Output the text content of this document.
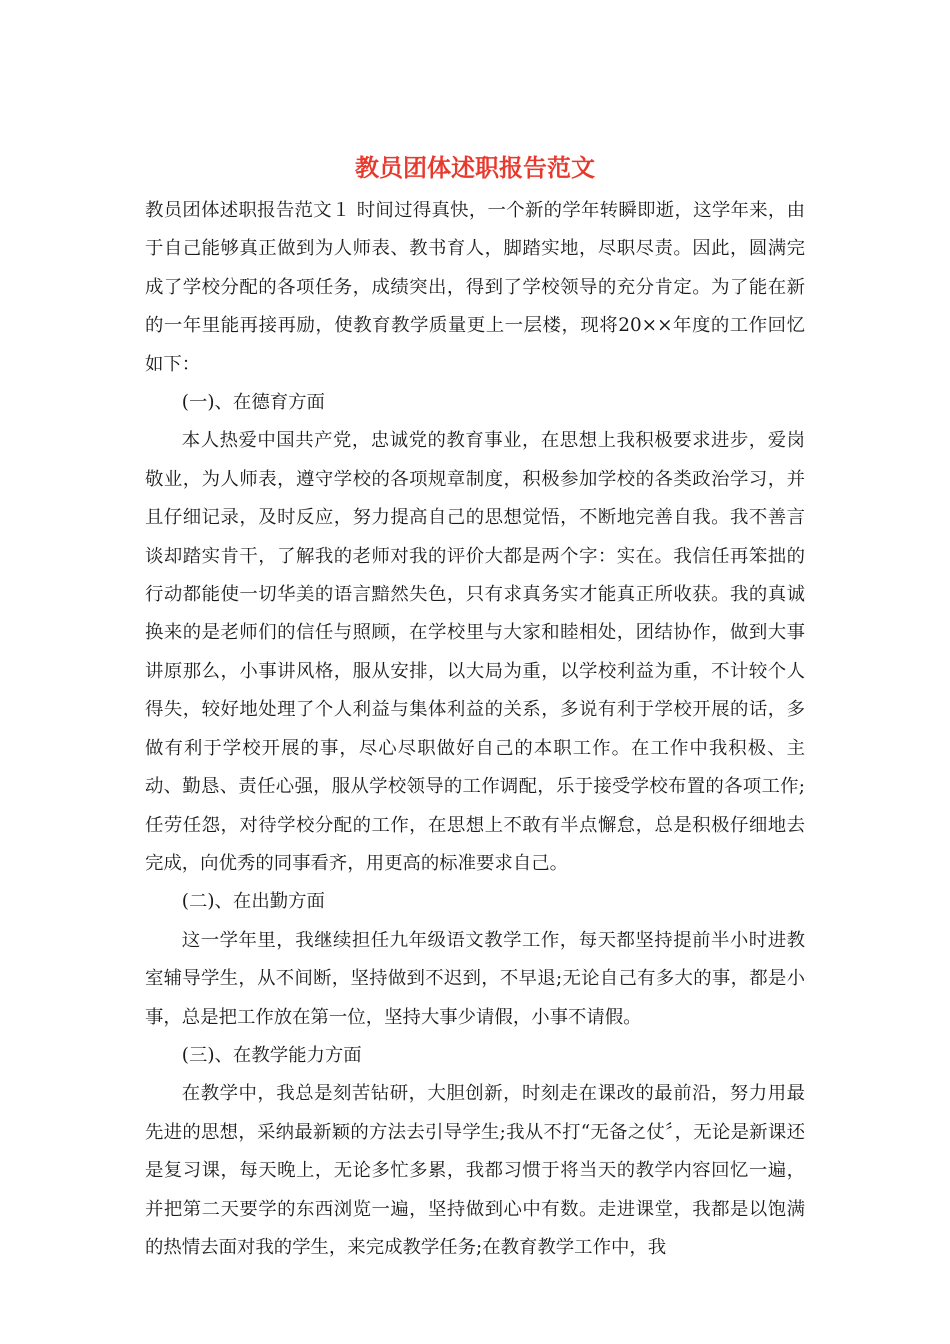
教员团体述职报告范文

教员团体述职报告范文１ 时间过得真快，一个新的学年转瞬即逝，这学年来，由于自己能够真正做到为人师表、教书育人，脚踏实地，尽职尽责。因此，圆满完成了学校分配的各项任务，成绩突出，得到了学校领导的充分肯定。为了能在新的一年里能再接再励，使教育教学质量更上一层楼，现将20××年度的工作回忆如下：

(一)、在德育方面

本人热爱中国共产党，忠诚党的教育事业，在思想上我积极要求进步，爱岗敬业，为人师表，遵守学校的各项规章制度，积极参加学校的各类政治学习，并且仔细记录，及时反应，努力提高自己的思想觉悟，不断地完善自我。我不善言谈却踏实肯干，了解我的老师对我的评价大都是两个字：实在。我信任再笨拙的行动都能使一切华美的语言黯然失色，只有求真务实才能真正所收获。我的真诚换来的是老师们的信任与照顾，在学校里与大家和睦相处，团结协作，做到大事讲原那么，小事讲风格，服从安排，以大局为重，以学校利益为重，不计较个人得失，较好地处理了个人利益与集体利益的关系，多说有利于学校开展的话，多做有利于学校开展的事，尽心尽职做好自己的本职工作。在工作中我积极、主动、勤恳、责任心强，服从学校领导的工作调配，乐于接受学校布置的各项工作;任劳任怨，对待学校分配的工作，在思想上不敢有半点懈怠，总是积极仔细地去完成，向优秀的同事看齐，用更高的标准要求自己。

(二)、在出勤方面

这一学年里，我继续担任九年级语文教学工作，每天都坚持提前半小时进教室辅导学生，从不间断，坚持做到不迟到，不早退;无论自己有多大的事，都是小事，总是把工作放在第一位，坚持大事少请假，小事不请假。

(三)、在教学能力方面

在教学中，我总是刻苦钻研，大胆创新，时刻走在课改的最前沿，努力用最先进的思想，采纳最新颖的方法去引导学生;我从不打“无备之仗〞，无论是新课还是复习课，每天晚上，无论多忙多累，我都习惯于将当天的教学内容回忆一遍，并把第二天要学的东西浏览一遍，坚持做到心中有数。走进课堂，我都是以饱满的热情去面对我的学生，来完成教学任务;在教育教学工作中，我
